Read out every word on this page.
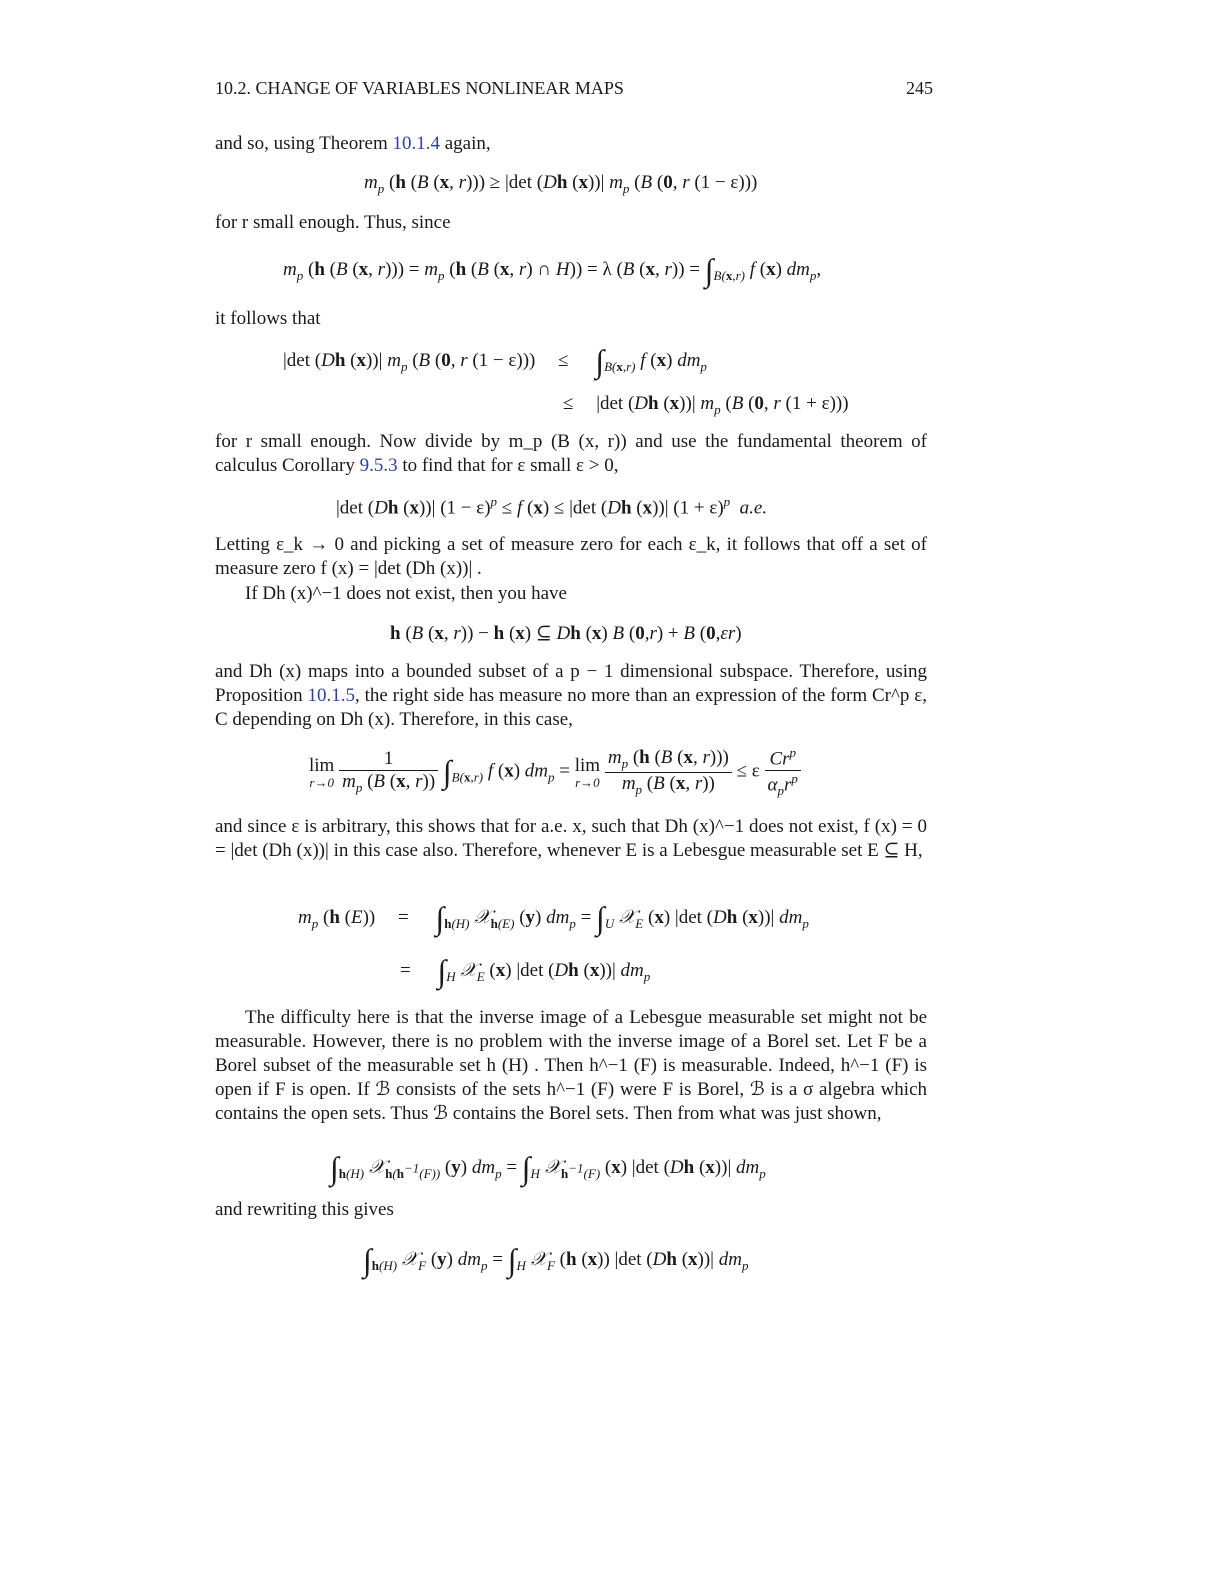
10.2. CHANGE OF VARIABLES NONLINEAR MAPS	245
and so, using Theorem 10.1.4 again,
$m_p$ (h (B (x, r))) ≥ |det (Dh (x))| $m_p$ (B (0, r (1 − ε)))
for r small enough. Thus, since
$m_p$ (h (B (x, $r))) = m_p$ (h (B (x, r) ∩ H)) = λ (B (x, $r)) = \int_{B(x,r)}$ f (x) $dm_p$,
it follows that
|det (Dh (x))| $m_p$ (B (0, r $(1 - \varepsilon))) \le \int_{B(x,r)}$ f (x) $dm_p$
≤ |det (Dh (x))| $m_p$ (B (0, r (1 + ε)))
for r small enough. Now divide by m_p (B (x, r)) and use the fundamental theorem of calculus Corollary 9.5.3 to find that for ε small ε > 0,
|det (Dh (x))| $(1 - \varepsilon)^p \le f$ (x) ≤ |det (Dh (x))| $(1 + \varepsilon)^p$  a.e.
Letting ε_k → 0 and picking a set of measure zero for each ε_k, it follows that off a set of measure zero f (x) = |det (Dh (x))| .
If Dh (x)^−1 does not exist, then you have
h (B (x, r)) − h (x) ⊆ Dh (x) B (0,r) + B (0,εr)
and Dh (x) maps into a bounded subset of a p − 1 dimensional subspace. Therefore, using Proposition 10.1.5, the right side has measure no more than an expression of the form Cr^p ε, C depending on Dh (x). Therefore, in this case,
lim
r→0
$\frac{1}{m_p (B (x, r))} \int_{B(x,r)}$ f (x) $dm_p = \lim$
r→0
$\frac{m_p (h (B (x, r)))}{m_p (B (x, r))} \le \varepsilon \frac{Cr^p}{\alpha_pr^p}$
and since ε is arbitrary, this shows that for a.e. x, such that Dh (x)^−1 does not exist, f (x) = 0 = |det (Dh (x))| in this case also. Therefore, whenever E is a Lebesgue measurable set E ⊆ H,
$m_p$ (h $(E)) = \int_{h(H)}$ 𝒳$_{h(E)}$ (y) $dm_p = \int_U$ 𝒳$_E$ (x) |det (Dh (x))| $dm_p$
= $\int_H$ 𝒳$_E$ (x) |det (Dh (x))| $dm_p$
The difficulty here is that the inverse image of a Lebesgue measurable set might not be measurable. However, there is no problem with the inverse image of a Borel set. Let F be a Borel subset of the measurable set h (H) . Then h^−1 (F) is measurable. Indeed, h^−1 (F) is open if F is open. If ℬ consists of the sets h^−1 (F) were F is Borel, ℬ is a σ algebra which contains the open sets. Thus ℬ contains the Borel sets. Then from what was just shown,
$\int_{h(H)}$ 𝒳$_{h(h^{-1}(F))}$ (y) $dm_p = \int_H$ 𝒳$_{h^{-1}(F)}$ (x) |det (Dh (x))| $dm_p$
and rewriting this gives
$\int_{h(H)}$ 𝒳$_F$ (y) $dm_p = \int_H$ 𝒳$_F$ (h (x)) |det (Dh (x))| $dm_p$
